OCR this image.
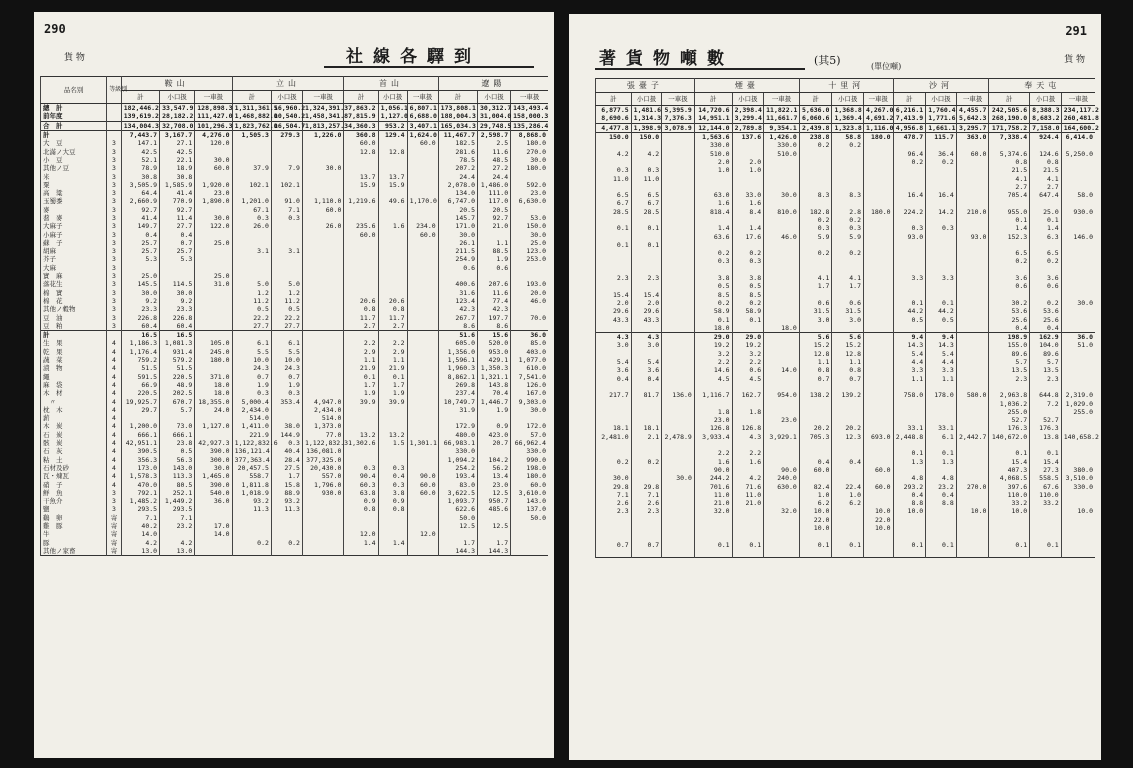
290
貨 物	社線各驛到
品名別	等級別	鞍山			立山			首山			遼陽		
		計	小口扱	一車扱	計	小口扱	一車扱	計	小口扱	一車扱	計	小口扱	一車扱
總　計		182,446.2	33,547.9	128,898.3	1,311,361.5	16,960.2	1,324,391.3	7,863.2	1,056.1	6,807.1	173,808.1	30,312.7	143,493.4
前年度		139,619.2	28,182.2	111,427.0	1,468,882.0	10,540.2	1,458,341.8	7,815.9	1,127.0	6,688.0	188,004.3	31,004.0	158,000.3
合　計		134,004.3	32,708.0	101,296.3	1,823,762.0	16,504.7	1,813,257.3	4,360.3	953.2	3,407.1	165,034.3	29,748.5	135,286.4
計		7,443.7	3,167.7	4,276.0	1,505.3	279.3	1,226.0	360.8	129.4	1,624.0	11,467.7	2,598.7	8,868.0
大　豆	3	147.1	27.1	120.0				60.0		60.0	182.5	2.5	180.0
北滿ノ大豆	3	42.5	42.5					12.8	12.8		281.6	11.6	270.0
小　豆	3	52.1	22.1	30.0							78.5	48.5	30.0
其他ノ豆	3	78.9	18.9	60.0	37.9	7.9	30.0				207.2	27.2	180.0
米	3	30.8	30.8					13.7	13.7		24.4	24.4	
粟	3	3,505.9	1,585.9	1,920.0	102.1	102.1		15.9	15.9		2,078.0	1,486.0	592.0
高　粱	3	64.4	41.4	23.0							134.0	111.0	23.0
玉蜀黍	3	2,660.9	770.9	1,890.0	1,201.0	91.0	1,110.0	1,219.6	49.6	1,170.0	6,747.0	117.0	6,630.0
麥	3	92.7	92.7		67.1	7.1	60.0				20.5	20.5	
蕎　麥	3	41.4	11.4	30.0	0.3	0.3					145.7	92.7	53.0
大麻子	3	149.7	27.7	122.0	26.0		26.0	235.6	1.6	234.0	171.0	21.0	150.0
小麻子	3	0.4	0.4					60.0		60.0	30.0		30.0
蘇　子	3	25.7	0.7	25.0							26.1	1.1	25.0
胡麻	3	25.7	25.7		3.1	3.1					211.5	88.5	123.0
芥子	3	5.3	5.3								254.9	1.9	253.0
大麻	3										0.6	0.6	
實　麻	3	25.0		25.0									
落花生	3	145.5	114.5	31.0	5.0	5.0					400.6	207.6	193.0
棉　實	3	30.0	30.0		1.2	1.2					31.6	11.6	20.0
棉　花	3	9.2	9.2		11.2	11.2		20.6	20.6		123.4	77.4	46.0
其他ノ穀物	3	23.3	23.3		0.5	0.5		0.8	0.8		42.3	42.3	
豆　油	3	226.8	226.8		22.2	22.2		11.7	11.7		267.7	197.7	70.0
豆　粕	3	60.4	60.4		27.7	27.7		2.7	2.7		8.6	8.6	
計		16.5	16.5								51.6	15.6	36.0
生　果	4	1,186.3	1,081.3	105.0	6.1	6.1		2.2	2.2		605.0	520.0	85.0
乾　果	4	1,176.4	931.4	245.0	5.5	5.5		2.9	2.9		1,356.0	953.0	403.0
蔬　菜	4	759.2	579.2	180.0	10.0	10.0		1.1	1.1		1,596.1	429.1	1,077.0
漬　物	4	51.5	51.5		24.3	24.3		21.9	21.9		1,960.3	1,350.3	610.0
繩	4	591.5	220.5	371.0	0.7	0.7		0.1	0.1		8,862.1	1,321.1	7,541.0
麻　袋	4	66.9	48.9	18.0	1.9	1.9		1.7	1.7		269.8	143.8	126.0
木　材	4	220.5	202.5	18.0	0.3	0.3		1.9	1.9		237.4	70.4	167.0
　〃	4	19,925.7	670.7	18,355.0	5,000.4	353.4	4,947.0	39.9	39.9		10,749.7	1,446.7	9,303.0
枕　木	4	29.7	5.7	24.0	2,434.0		2,434.0				31.9	1.9	30.0
薪	4				514.0		514.0						
木　炭	4	1,200.0	73.0	1,127.0	1,411.0	38.0	1,373.0				172.9	0.9	172.0
石　炭	4	666.1	666.1		221.9	144.9	77.0	13.2	13.2		480.0	423.0	57.0
骸　炭	4	42,951.1	23.8	42,927.3	1,122,832.6	0.3	1,122,832.3	1,302.6	1.5	1,301.1	66,983.1	20.7	66,962.4
石　灰	4	390.5	0.5	390.0	136,121.4	40.4	136,081.0				330.0		330.0
粘　土	4	356.3	56.3	300.0	377,363.4	28.4	377,325.0				1,094.2	104.2	990.0
石材及砂	4	173.0	143.0	30.0	20,457.5	27.5	20,430.0	0.3	0.3		254.2	56.2	198.0
瓦・煉瓦	4	1,578.3	113.3	1,465.0	558.7	1.7	557.0	90.4	0.4	90.0	193.4	13.4	180.0
硝　子	4	470.0	80.5	390.0	1,811.8	15.8	1,796.0	60.3	0.3	60.0	83.0	23.0	60.0
鮮　魚	3	792.1	252.1	540.0	1,018.9	88.9	930.0	63.8	3.8	60.0	3,622.5	12.5	3,610.0
干魚介	3	1,485.2	1,449.2	36.0	93.2	93.2		0.9	0.9		1,093.7	950.7	143.0
鹽	3	293.5	293.5		11.3	11.3		0.8	0.8		622.6	485.6	137.0
鷄　卵	寄	7.1	7.1								50.0		50.0
雞　豚	寄	40.2	23.2	17.0							12.5	12.5	
牛	寄	14.0		14.0				12.0		12.0			
豚	寄	4.2	4.2		0.2	0.2		1.4	1.4		1.7	1.7	
其他ノ家畜	寄	13.0	13.0								144.3	144.3	
著貨物噸數	(其5)	(單位噸)
291
貨 物
張臺子			煙臺			十里河			沙河			奉天屯		
計	小口扱	一車扱	計	小口扱	一車扱	計	小口扱	一車扱	計	小口扱	一車扱	計	小口扱	一車扱
6,877.5	1,481.6	5,395.9	14,720.6	2,398.4	11,822.1	5,636.0	1,368.8	4,267.0	6,216.1	1,760.4	4,455.7	242,505.6	8,388.3	234,117.2
8,690.6	1,314.3	7,376.3	14,951.1	3,299.4	11,661.7	6,060.6	1,369.4	4,691.2	7,413.9	1,771.6	5,642.3	268,190.0	8,683.2	260,481.8
4,477.8	1,398.9	3,078.9	12,144.0	2,789.8	9,354.1	2,439.8	1,323.8	1,116.0	4,956.8	1,661.1	3,295.7	171,758.2	7,158.0	164,600.2
150.0	150.0		1,563.6	137.6	1,426.0	238.8	58.8	180.0	478.7	115.7	363.0	7,338.4	924.4	6,414.0
			330.0		330.0	0.2	0.2							
4.2	4.2		510.0		510.0				96.4	36.4	60.0	5,374.6	124.6	5,250.0
			2.0	2.0					0.2	0.2		0.8	0.8	
0.3	0.3		1.0	1.0								21.5	21.5	
11.0	11.0											4.1	4.1	
												2.7	2.7	
6.5	6.5		63.0	33.0	30.0	8.3	8.3		16.4	16.4		705.4	647.4	58.0
6.7	6.7		1.6	1.6										
28.5	28.5		818.4	8.4	810.0	182.8	2.8	180.0	224.2	14.2	210.0	955.0	25.0	930.0
						0.2	0.2					0.1	0.1	
0.1	0.1		1.4	1.4		0.3	0.3		0.3	0.3		1.4	1.4	
			63.6	17.6	46.0	5.9	5.9		93.0		93.0	152.3	6.3	146.0
0.1	0.1													
			0.2	0.2		0.2	0.2					6.5	6.5	
			0.3	0.3								0.2	0.2	

2.3	2.3		3.8	3.8		4.1	4.1		3.3	3.3		3.6	3.6	
			0.5	0.5		1.7	1.7					0.6	0.6	
15.4	15.4		8.5	8.5										
2.0	2.0		0.2	0.2		0.6	0.6		0.1	0.1		30.2	0.2	30.0
29.6	29.6		58.9	58.9		31.5	31.5		44.2	44.2		53.6	53.6	
43.3	43.3		0.1	0.1		3.0	3.0		0.5	0.5		25.6	25.6	
			18.0		18.0							0.4	0.4	
4.3	4.3		29.0	29.0		5.6	5.6		9.4	9.4		198.9	162.9	36.0
3.0	3.0		19.2	19.2		15.2	15.2		14.3	14.3		155.0	104.0	51.0
			3.2	3.2		12.8	12.8		5.4	5.4		89.6	89.6	
5.4	5.4		2.2	2.2		1.1	1.1		4.4	4.4		5.7	5.7	
3.6	3.6		14.6	0.6	14.0	0.8	0.8		3.3	3.3		13.5	13.5	
0.4	0.4		4.5	4.5		0.7	0.7		1.1	1.1		2.3	2.3	

217.7	81.7	136.0	1,116.7	162.7	954.0	138.2	139.2		758.0	178.0	580.0	2,963.8	644.8	2,319.0
												1,036.2	7.2	1,029.0
			1.8	1.8								255.0		255.0
			23.0		23.0							52.7	52.7	
18.1	18.1		126.8	126.8		20.2	20.2		33.1	33.1		176.3	176.3	
2,481.0	2.1	2,478.9	3,933.4	4.3	3,929.1	705.3	12.3	693.0	2,448.8	6.1	2,442.7	140,672.0	13.8	140,658.2

			2.2	2.2					0.1	0.1		0.1	0.1	
0.2	0.2		1.6	1.6		0.4	0.4		1.3	1.3		15.4	15.4	
			90.0		90.0	60.0		60.0				407.3	27.3	380.0
30.0		30.0	244.2	4.2	240.0				4.8	4.8		4,068.5	558.5	3,510.0
29.8	29.8		701.6	71.6	630.0	82.4	22.4	60.0	293.2	23.2	270.0	397.6	67.6	330.0
7.1	7.1		11.0	11.0		1.0	1.0		0.4	0.4		110.0	110.0	
2.6	2.6		21.0	21.0		6.2	6.2		8.8	8.8		33.2	33.2	
2.3	2.3		32.0		32.0	10.0		10.0	10.0		10.0	10.0		10.0
						22.0		22.0						
						10.0		10.0						

0.7	0.7		0.1	0.1		0.1	0.1		0.1	0.1		0.1	0.1	
